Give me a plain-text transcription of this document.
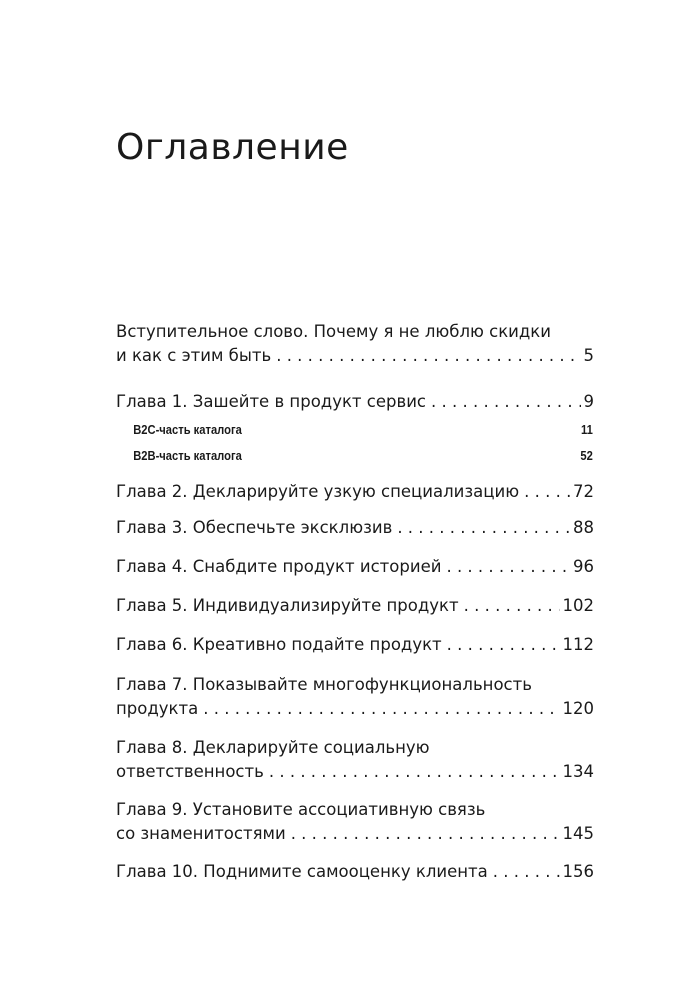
Оглавление
Вступительное слово. Почему я не люблю скидки
и как с этим быть . . .	5
Глава 1. Зашейте в продукт сервис . . .	9
B2C-часть каталога	11
B2B-часть каталога	52
Глава 2. Декларируйте узкую специализацию . . .	72
Глава 3. Обеспечьте эксклюзив . . .	88
Глава 4. Снабдите продукт историей . . .	96
Глава 5. Индивидуализируйте продукт . . .	102
Глава 6. Креативно подайте продукт . . .	112
Глава 7. Показывайте многофункциональность
продукта . . .	120
Глава 8. Декларируйте социальную
ответственность . . .	134
Глава 9. Установите ассоциативную связь
со знаменитостями . . .	145
Глава 10. Поднимите самооценку клиента . . .	156
